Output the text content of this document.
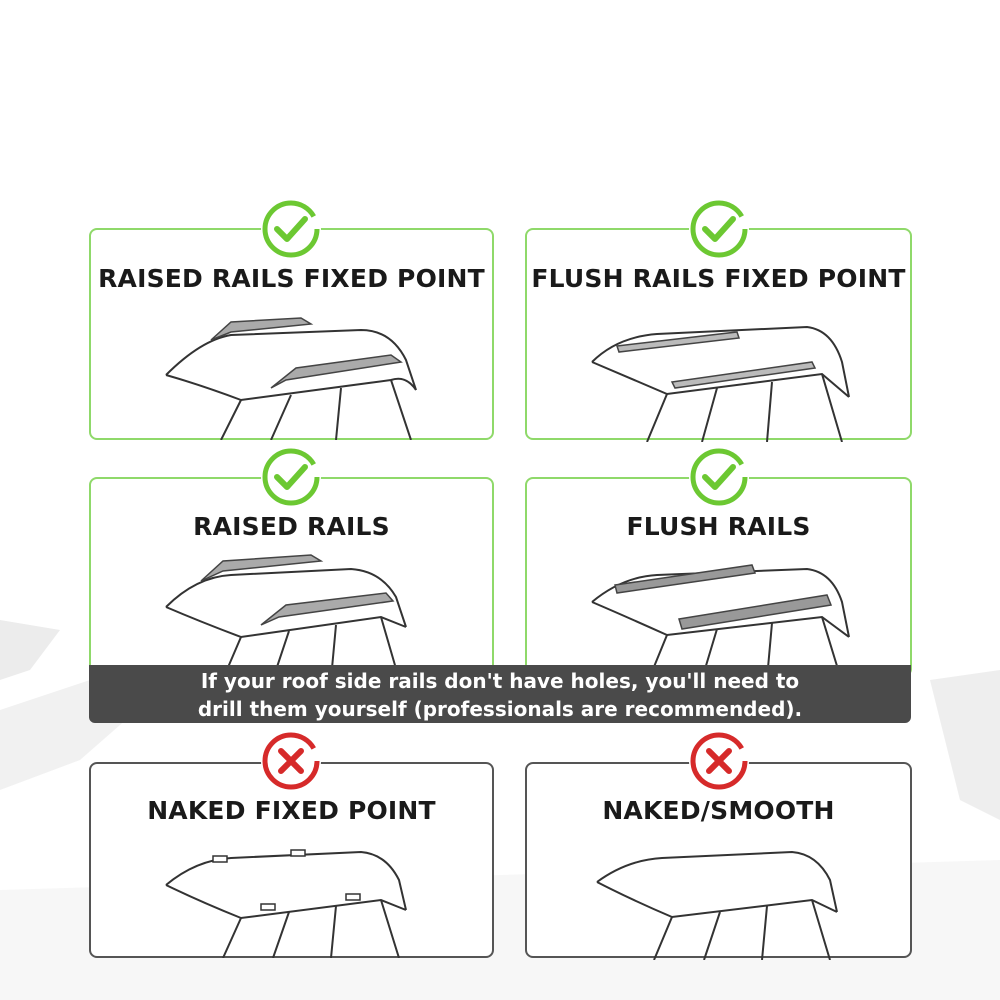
RAISED RAILS FIXED POINT FLUSH RAILS FIXED POINT
RAISED RAILS	FLUSH RAILS
If your roof side rails don't have holes, you'll need to
drill them yourself (professionals are recommended).
NAKED FIXED POINT	NAKED/SMOOTH
